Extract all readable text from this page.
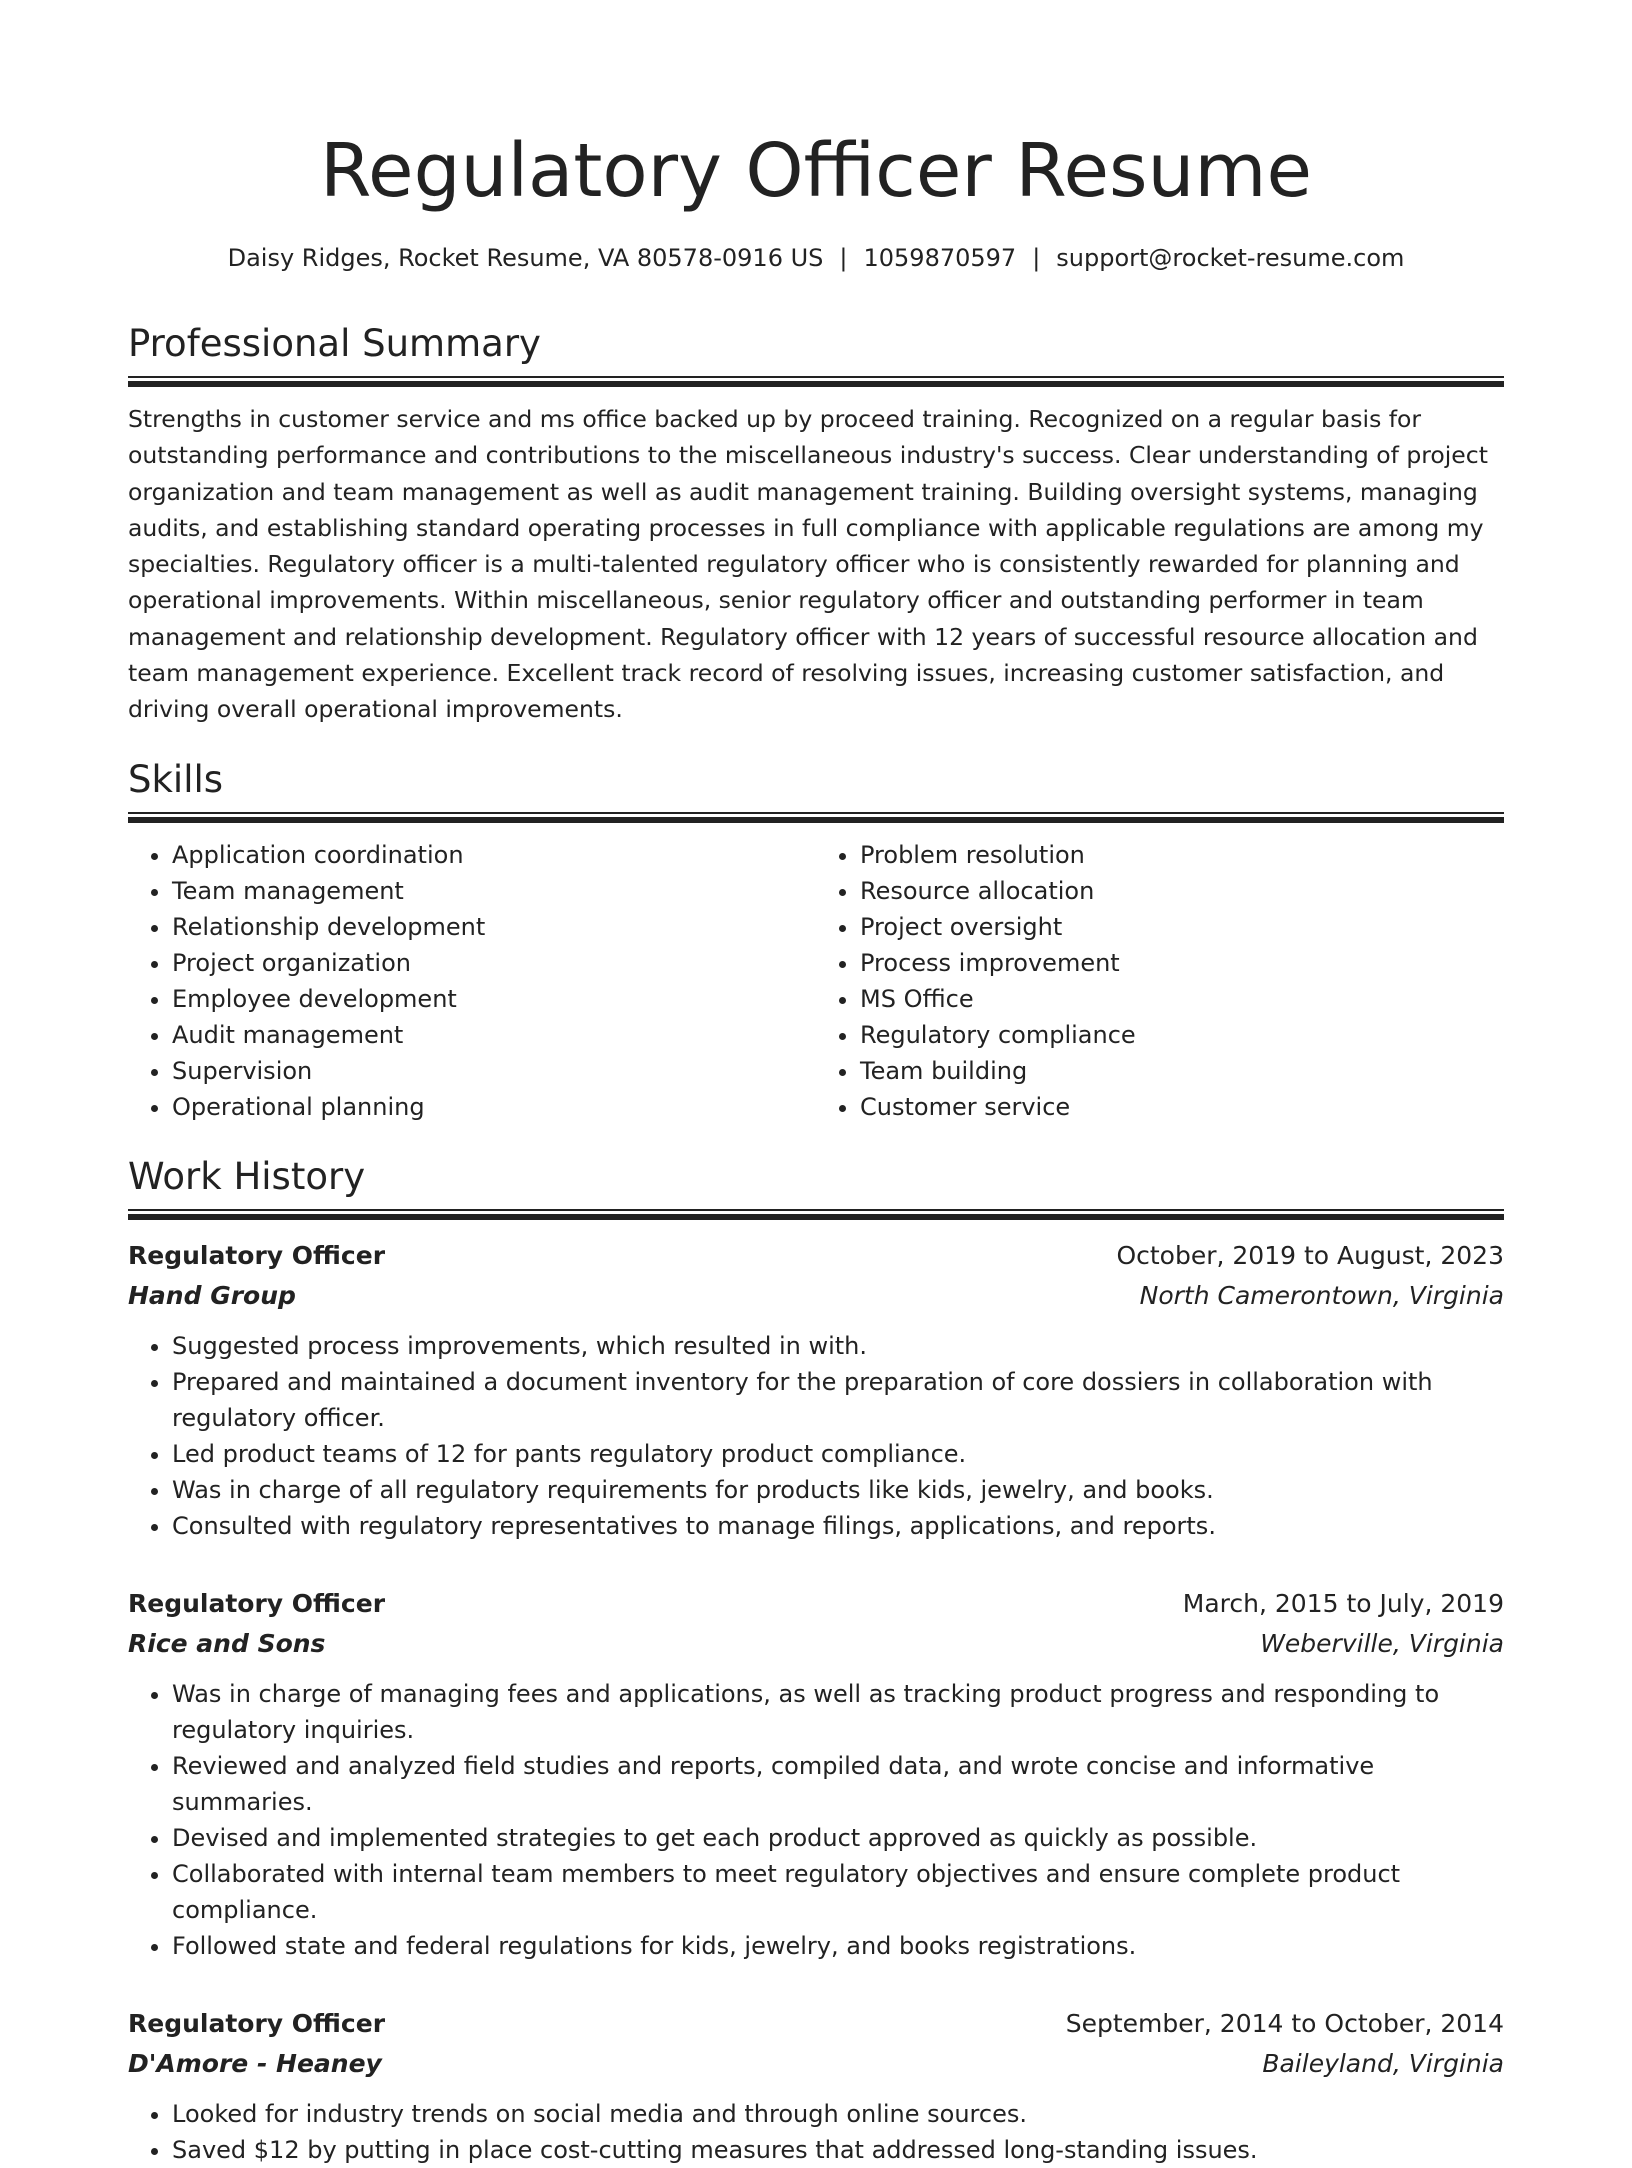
Regulatory Officer Resume
Daisy Ridges, Rocket Resume, VA 80578-0916 US | 1059870597 | support@rocket-resume.com
Professional Summary

Strengths in customer service and ms office backed up by proceed training. Recognized on a regular basis for outstanding performance and contributions to the miscellaneous industry's success. Clear understanding of project organization and team management as well as audit management training. Building oversight systems, managing audits, and establishing standard operating processes in full compliance with applicable regulations are among my specialties. Regulatory officer is a multi-talented regulatory officer who is consistently rewarded for planning and operational improvements. Within miscellaneous, senior regulatory officer and outstanding performer in team management and relationship development. Regulatory officer with 12 years of successful resource allocation and team management experience. Excellent track record of resolving issues, increasing customer satisfaction, and driving overall operational improvements.

Skills
• Application coordination
• Team management
• Relationship development
• Project organization
• Employee development
• Audit management
• Supervision
• Operational planning
• Problem resolution
• Resource allocation
• Project oversight
• Process improvement
• MS Office
• Regulatory compliance
• Team building
• Customer service
Work History
Regulatory Officer	October, 2019 to August, 2023
Hand Group	North Camerontown, Virginia
• Suggested process improvements, which resulted in with.
• Prepared and maintained a document inventory for the preparation of core dossiers in collaboration with regulatory officer.
• Led product teams of 12 for pants regulatory product compliance.
• Was in charge of all regulatory requirements for products like kids, jewelry, and books.
• Consulted with regulatory representatives to manage filings, applications, and reports.
Regulatory Officer	March, 2015 to July, 2019
Rice and Sons	Weberville, Virginia
• Was in charge of managing fees and applications, as well as tracking product progress and responding to regulatory inquiries.
• Reviewed and analyzed field studies and reports, compiled data, and wrote concise and informative summaries.
• Devised and implemented strategies to get each product approved as quickly as possible.
• Collaborated with internal team members to meet regulatory objectives and ensure complete product compliance.
• Followed state and federal regulations for kids, jewelry, and books registrations.
Regulatory Officer	September, 2014 to October, 2014
D'Amore - Heaney	Baileyland, Virginia
• Looked for industry trends on social media and through online sources.
• Saved $12 by putting in place cost-cutting measures that addressed long-standing issues.
